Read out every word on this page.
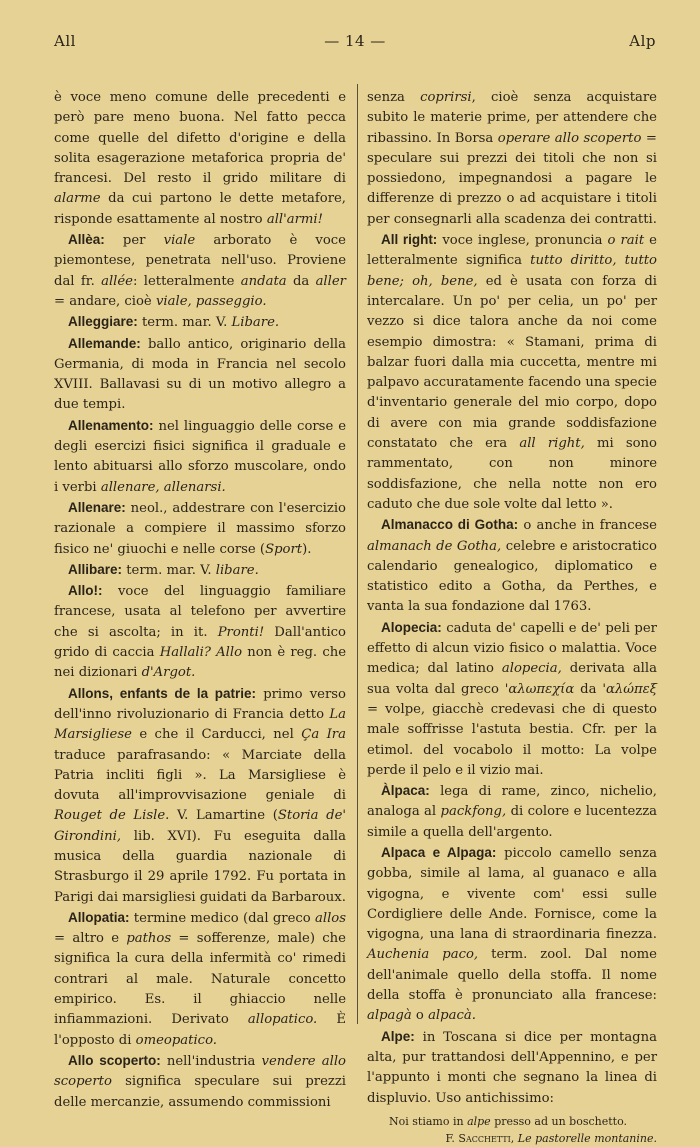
All	— 14 —	Alp

è voce meno comune delle precedenti e però pare meno buona. Nel fatto pecca come quelle del difetto d'origine e della solita esagerazione metaforica propria de' francesi. Del resto il grido militare di alarme da cui partono le dette metafore, risponde esattamente al nostro all'armi!

Allèa: per viale arborato è voce piemontese, penetrata nell'uso. Proviene dal fr. allée: letteralmente andata da aller = andare, cioè viale, passeggio.

Alleggiare: term. mar. V. Libare.

Allemande: ballo antico, originario della Germania, di moda in Francia nel secolo XVIII. Ballavasi su di un motivo allegro a due tempi.

Allenamento: nel linguaggio delle corse e degli esercizi fisici significa il graduale e lento abituarsi allo sforzo muscolare, ondo i verbi allenare, allenarsi.

Allenare: neol., addestrare con l'esercizio razionale a compiere il massimo sforzo fisico ne' giuochi e nelle corse (Sport).

Allibare: term. mar. V. libare.

Allo!: voce del linguaggio familiare francese, usata al telefono per avvertire che si ascolta; in it. Pronti! Dall'antico grido di caccia Hallali? Allo non è reg. che nei dizionari d'Argot.

Allons, enfants de la patrie: primo verso dell'inno rivoluzionario di Francia detto La Marsigliese e che il Carducci, nel Ça Ira traduce parafrasando: « Marciate della Patria incliti figli ». La Marsigliese è dovuta all'improvvisazione geniale di Rouget de Lisle. V. Lamartine (Storia de' Girondini, lib. XVI). Fu eseguita dalla musica della guardia nazionale di Strasburgo il 29 aprile 1792. Fu portata in Parigi dai marsigliesi guidati da Barbaroux.

Allopatia: termine medico (dal greco allos = altro e pathos = sofferenze, male) che significa la cura della infermità co' rimedi contrari al male. Naturale concetto empirico. Es. il ghiaccio nelle infiammazioni. Derivato allopatico. È l'opposto di omeopatico.

Allo scoperto: nell'industria vendere allo scoperto significa speculare sui prezzi delle mercanzie, assumendo commissioni

senza coprirsi, cioè senza acquistare subito le materie prime, per attendere che ribassino. In Borsa operare allo scoperto = speculare sui prezzi dei titoli che non si possiedono, impegnandosi a pagare le differenze di prezzo o ad acquistare i titoli per consegnarli alla scadenza dei contratti.

All right: voce inglese, pronuncia o rait e letteralmente significa tutto diritto, tutto bene; oh, bene, ed è usata con forza di intercalare. Un po' per celia, un po' per vezzo si dice talora anche da noi come esempio dimostra: « Stamani, prima di balzar fuori dalla mia cuccetta, mentre mi palpavo accuratamente facendo una specie d'inventario generale del mio corpo, dopo di avere con mia grande soddisfazione constatato che era all right, mi sono rammentato, con non minore soddisfazione, che nella notte non ero caduto che due sole volte dal letto ».

Almanacco di Gotha: o anche in francese almanach de Gotha, celebre e aristocratico calendario genealogico, diplomatico e statistico edito a Gotha, da Perthes, e vanta la sua fondazione dal 1763.

Alopecia: caduta de' capelli e de' peli per effetto di alcun vizio fisico o malattia. Voce medica; dal latino alopecia, derivata alla sua volta dal greco 'αλωπεχία da 'αλώπεξ = volpe, giacchè credevasi che di questo male soffrisse l'astuta bestia. Cfr. per la etimol. del vocabolo il motto: La volpe perde il pelo e il vizio mai.

Àlpaca: lega di rame, zinco, nichelio, analoga al packfong, di colore e lucentezza simile a quella dell'argento.

Alpaca e Alpaga: piccolo camello senza gobba, simile al lama, al guanaco e alla vigogna, e vivente com' essi sulle Cordigliere delle Ande. Fornisce, come la vigogna, una lana di straordinaria finezza. Auchenia paco, term. zool. Dal nome dell'animale quello della stoffa. Il nome della stoffa è pronunciato alla francese: alpagà o alpacà.

Alpe: in Toscana si dice per montagna alta, pur trattandosi dell'Appennino, e per l'appunto i monti che segnano la linea di displuvio. Uso antichissimo:

Noi stiamo in alpe presso ad un boschetto.
F. Sacchetti, Le pastorelle montanine.
